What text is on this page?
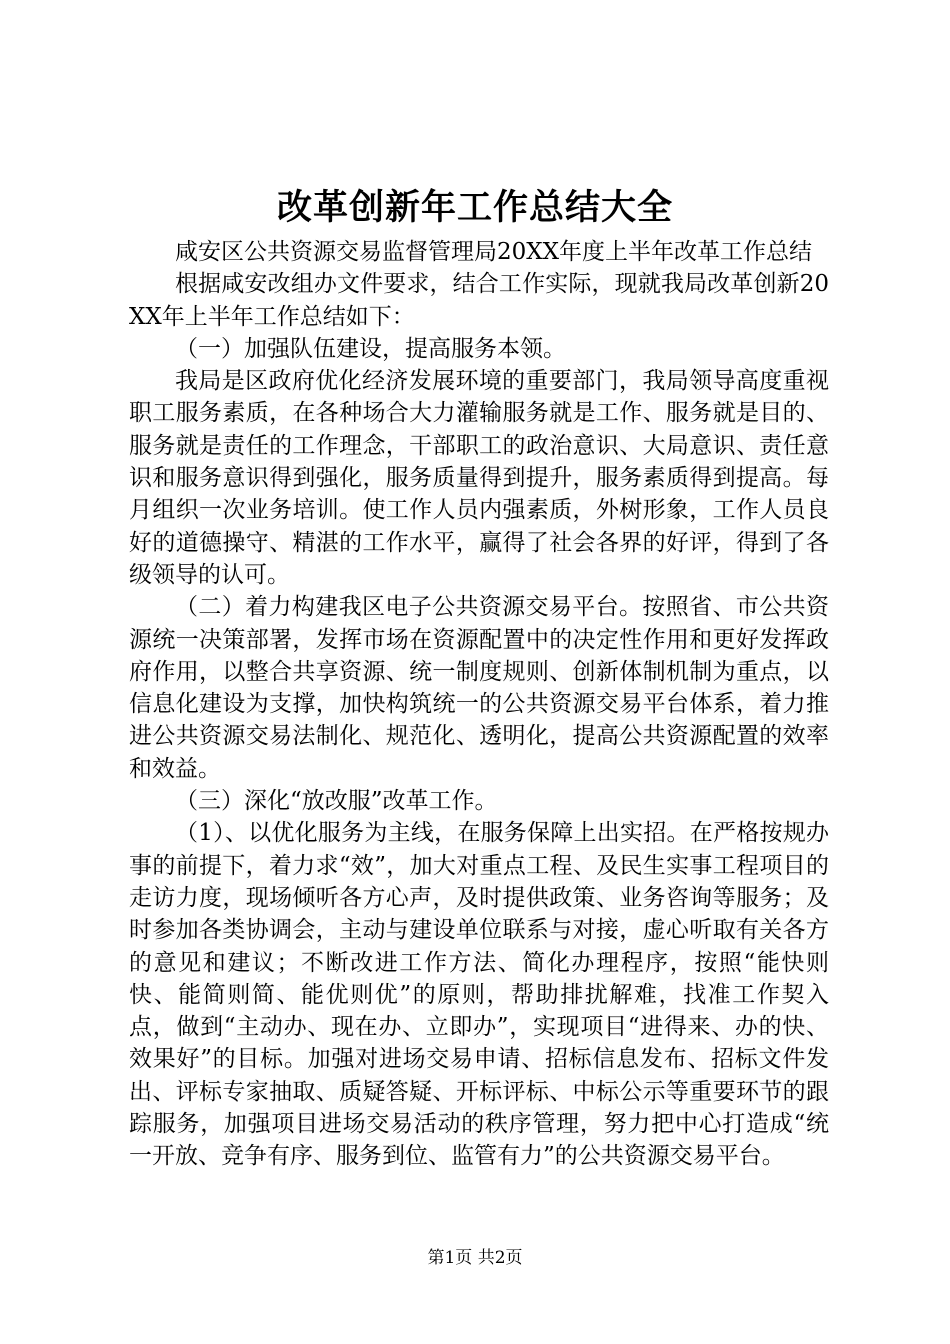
改革创新年工作总结大全

咸安区公共资源交易监督管理局20XX年度上半年改革工作总结

根据咸安改组办文件要求，结合工作实际，现就我局改革创新20XX年上半年工作总结如下：

（一）加强队伍建设，提高服务本领。

我局是区政府优化经济发展环境的重要部门，我局领导高度重视职工服务素质，在各种场合大力灌输服务就是工作、服务就是目的、服务就是责任的工作理念，干部职工的政治意识、大局意识、责任意识和服务意识得到强化，服务质量得到提升，服务素质得到提高。每月组织一次业务培训。使工作人员内强素质，外树形象，工作人员良好的道德操守、精湛的工作水平，赢得了社会各界的好评，得到了各级领导的认可。

（二）着力构建我区电子公共资源交易平台。按照省、市公共资源统一决策部署，发挥市场在资源配置中的决定性作用和更好发挥政府作用，以整合共享资源、统一制度规则、创新体制机制为重点，以信息化建设为支撑，加快构筑统一的公共资源交易平台体系，着力推进公共资源交易法制化、规范化、透明化，提高公共资源配置的效率和效益。

（三）深化“放改服”改革工作。

（1）、以优化服务为主线，在服务保障上出实招。在严格按规办事的前提下，着力求“效”，加大对重点工程、及民生实事工程项目的走访力度，现场倾听各方心声，及时提供政策、业务咨询等服务；及时参加各类协调会，主动与建设单位联系与对接，虚心听取有关各方的意见和建议；不断改进工作方法、简化办理程序，按照“能快则快、能简则简、能优则优”的原则，帮助排扰解难，找准工作契入点，做到“主动办、现在办、立即办”，实现项目“进得来、办的快、效果好”的目标。加强对进场交易申请、招标信息发布、招标文件发出、评标专家抽取、质疑答疑、开标评标、中标公示等重要环节的跟踪服务，加强项目进场交易活动的秩序管理，努力把中心打造成“统一开放、竞争有序、服务到位、监管有力”的公共资源交易平台。

第1页 共2页
